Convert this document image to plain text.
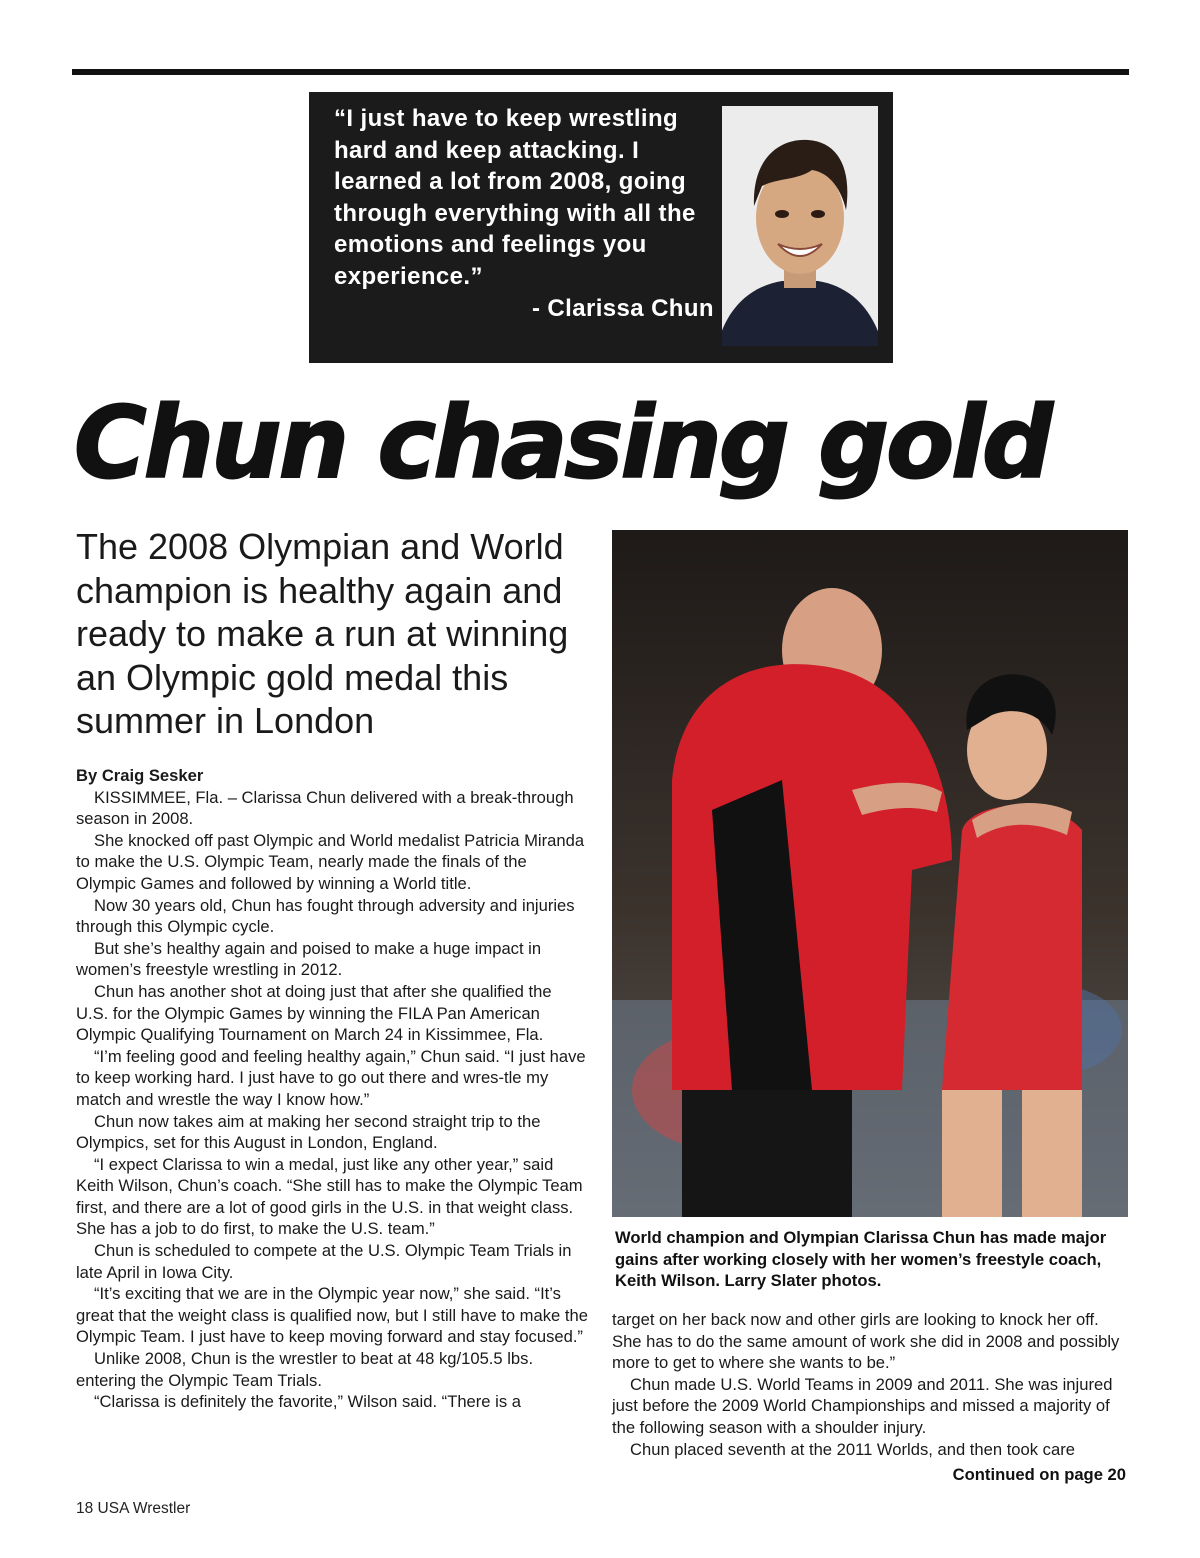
“I just have to keep wrestling hard and keep attacking. I learned a lot from 2008, going through everything with all the emotions and feelings you experience.”
- Clarissa Chun
Chun chasing gold
The 2008 Olympian and World champion is healthy again and ready to make a run at winning an Olympic gold medal this summer in London

By Craig Sesker

KISSIMMEE, Fla. – Clarissa Chun delivered with a break-through season in 2008.

She knocked off past Olympic and World medalist Patricia Miranda to make the U.S. Olympic Team, nearly made the finals of the Olympic Games and followed by winning a World title.

Now 30 years old, Chun has fought through adversity and injuries through this Olympic cycle.

But she’s healthy again and poised to make a huge impact in women’s freestyle wrestling in 2012.

Chun has another shot at doing just that after she qualified the U.S. for the Olympic Games by winning the FILA Pan American Olympic Qualifying Tournament on March 24 in Kissimmee, Fla.

“I’m feeling good and feeling healthy again,” Chun said. “I just have to keep working hard. I just have to go out there and wres-tle my match and wrestle the way I know how.”

Chun now takes aim at making her second straight trip to the Olympics, set for this August in London, England.

“I expect Clarissa to win a medal, just like any other year,” said Keith Wilson, Chun’s coach. “She still has to make the Olympic Team first, and there are a lot of good girls in the U.S. in that weight class. She has a job to do first, to make the U.S. team.”

Chun is scheduled to compete at the U.S. Olympic Team Trials in late April in Iowa City.

“It’s exciting that we are in the Olympic year now,” she said. “It’s great that the weight class is qualified now, but I still have to make the Olympic Team. I just have to keep moving forward and stay focused.”

Unlike 2008, Chun is the wrestler to beat at 48 kg/105.5 lbs. entering the Olympic Team Trials.

“Clarissa is definitely the favorite,” Wilson said. “There is a

World champion and Olympian Clarissa Chun has made major gains after working closely with her women’s freestyle coach, Keith Wilson. Larry Slater photos.

target on her back now and other girls are looking to knock her off. She has to do the same amount of work she did in 2008 and possibly more to get to where she wants to be.”

Chun made U.S. World Teams in 2009 and 2011. She was injured just before the 2009 World Championships and missed a majority of the following season with a shoulder injury.

Chun placed seventh at the 2011 Worlds, and then took care

Continued on page 20
18 USA Wrestler
